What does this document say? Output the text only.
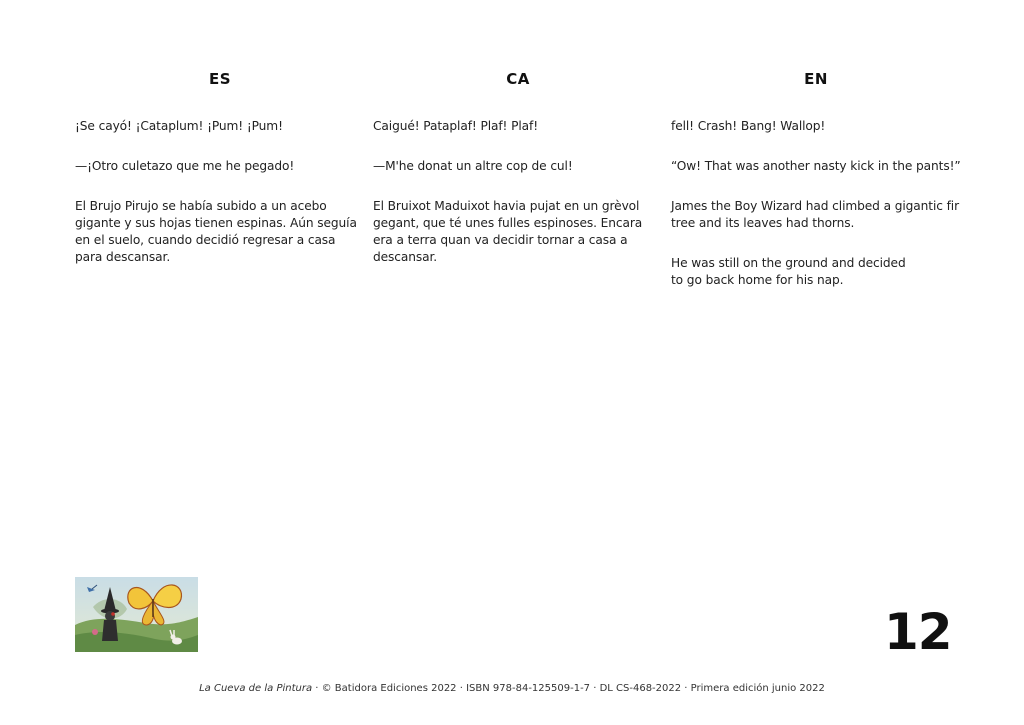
ES

¡Se cayó! ¡Cataplum! ¡Pum! ¡Pum!

—¡Otro culetazo que me he pegado!

El Brujo Pirujo se había subido a un acebo gigante y sus hojas tienen espinas. Aún seguía en el suelo, cuando decidió regresar a casa para descansar.

CA

Caigué! Pataplaf! Plaf! Plaf!

—M'he donat un altre cop de cul!

El Bruixot Maduixot havia pujat en un grèvol gegant, que té unes fulles espinoses. Encara era a terra quan va decidir tornar a casa a descansar.

EN

fell! Crash! Bang! Wallop!

“Ow! That was another nasty kick in the pants!”

James the Boy Wizard had climbed a gigantic fir tree and its leaves had thorns.

He was still on the ground and decided
to go back home for his nap.

12
La Cueva de la Pintura · © Batidora Ediciones 2022 · ISBN 978-84-125509-1-7 · DL CS-468-2022 · Primera edición junio 2022
